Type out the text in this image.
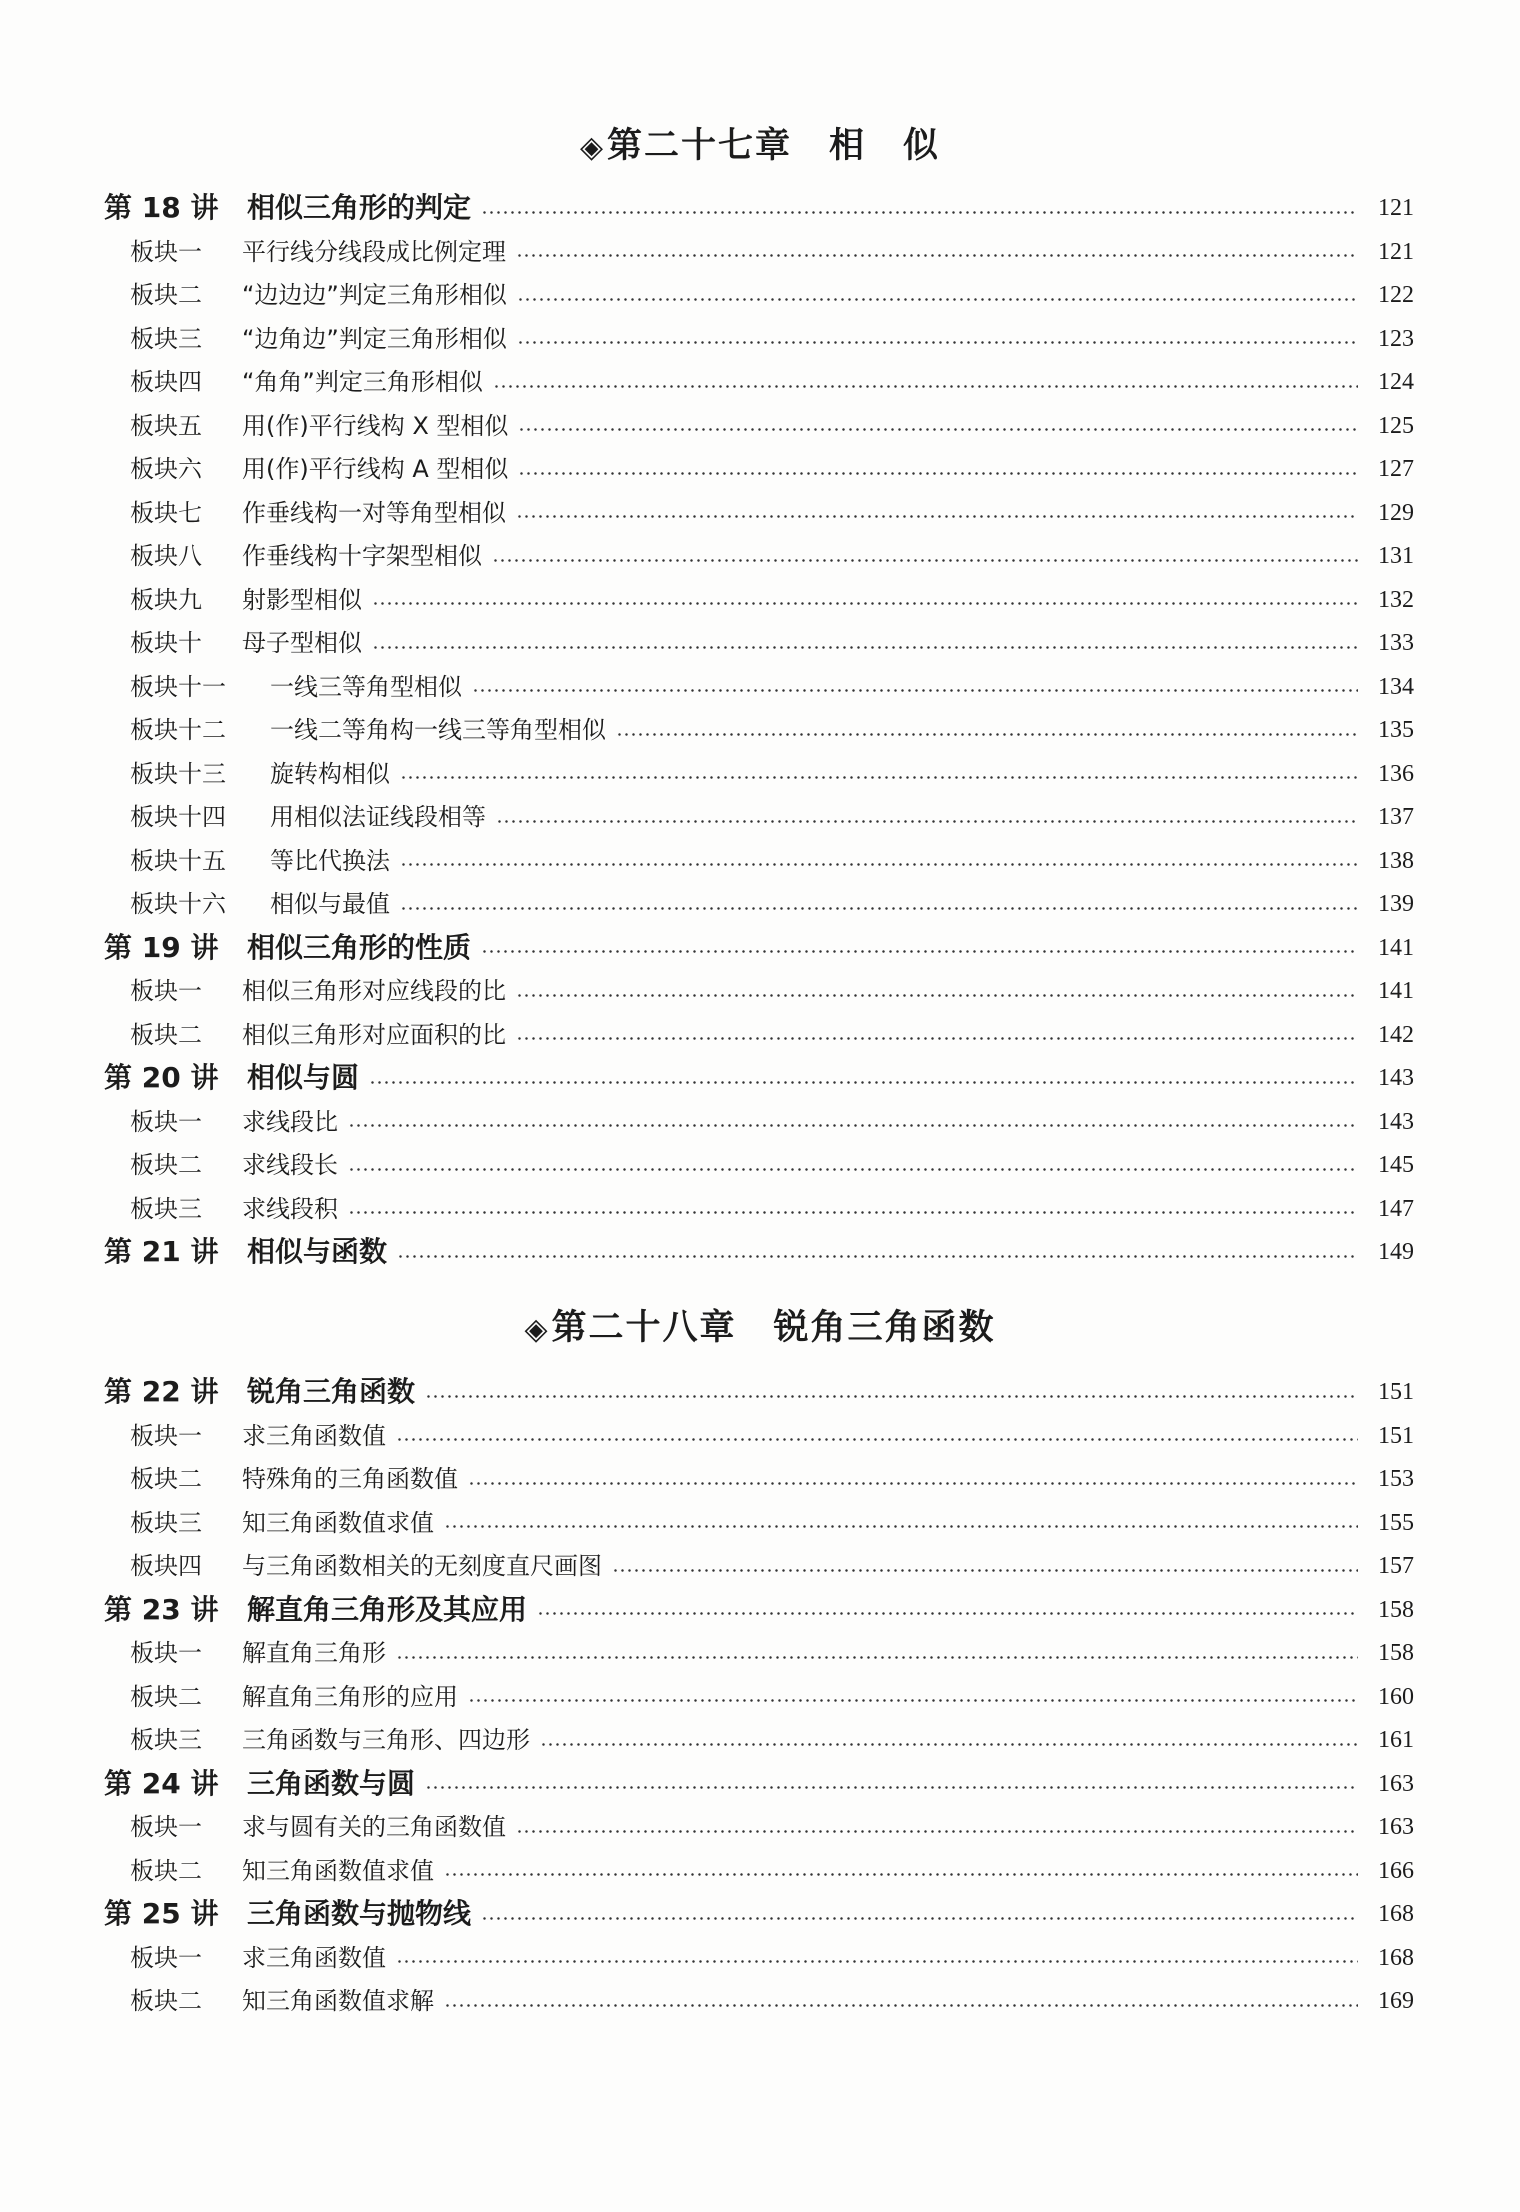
◈第二十七章　相　似
第 18 讲	相似三角形的判定	121
板块一	平行线分线段成比例定理	121
板块二	“边边边”判定三角形相似	122
板块三	“边角边”判定三角形相似	123
板块四	“角角”判定三角形相似	124
板块五	用(作)平行线构 X 型相似	125
板块六	用(作)平行线构 A 型相似	127
板块七	作垂线构一对等角型相似	129
板块八	作垂线构十字架型相似	131
板块九	射影型相似	132
板块十	母子型相似	133
板块十一	一线三等角型相似	134
板块十二	一线二等角构一线三等角型相似	135
板块十三	旋转构相似	136
板块十四	用相似法证线段相等	137
板块十五	等比代换法	138
板块十六	相似与最值	139
第 19 讲	相似三角形的性质	141
板块一	相似三角形对应线段的比	141
板块二	相似三角形对应面积的比	142
第 20 讲	相似与圆	143
板块一	求线段比	143
板块二	求线段长	145
板块三	求线段积	147
第 21 讲	相似与函数	149
◈第二十八章　锐角三角函数
第 22 讲	锐角三角函数	151
板块一	求三角函数值	151
板块二	特殊角的三角函数值	153
板块三	知三角函数值求值	155
板块四	与三角函数相关的无刻度直尺画图	157
第 23 讲	解直角三角形及其应用	158
板块一	解直角三角形	158
板块二	解直角三角形的应用	160
板块三	三角函数与三角形、四边形	161
第 24 讲	三角函数与圆	163
板块一	求与圆有关的三角函数值	163
板块二	知三角函数值求值	166
第 25 讲	三角函数与抛物线	168
板块一	求三角函数值	168
板块二	知三角函数值求解	169
